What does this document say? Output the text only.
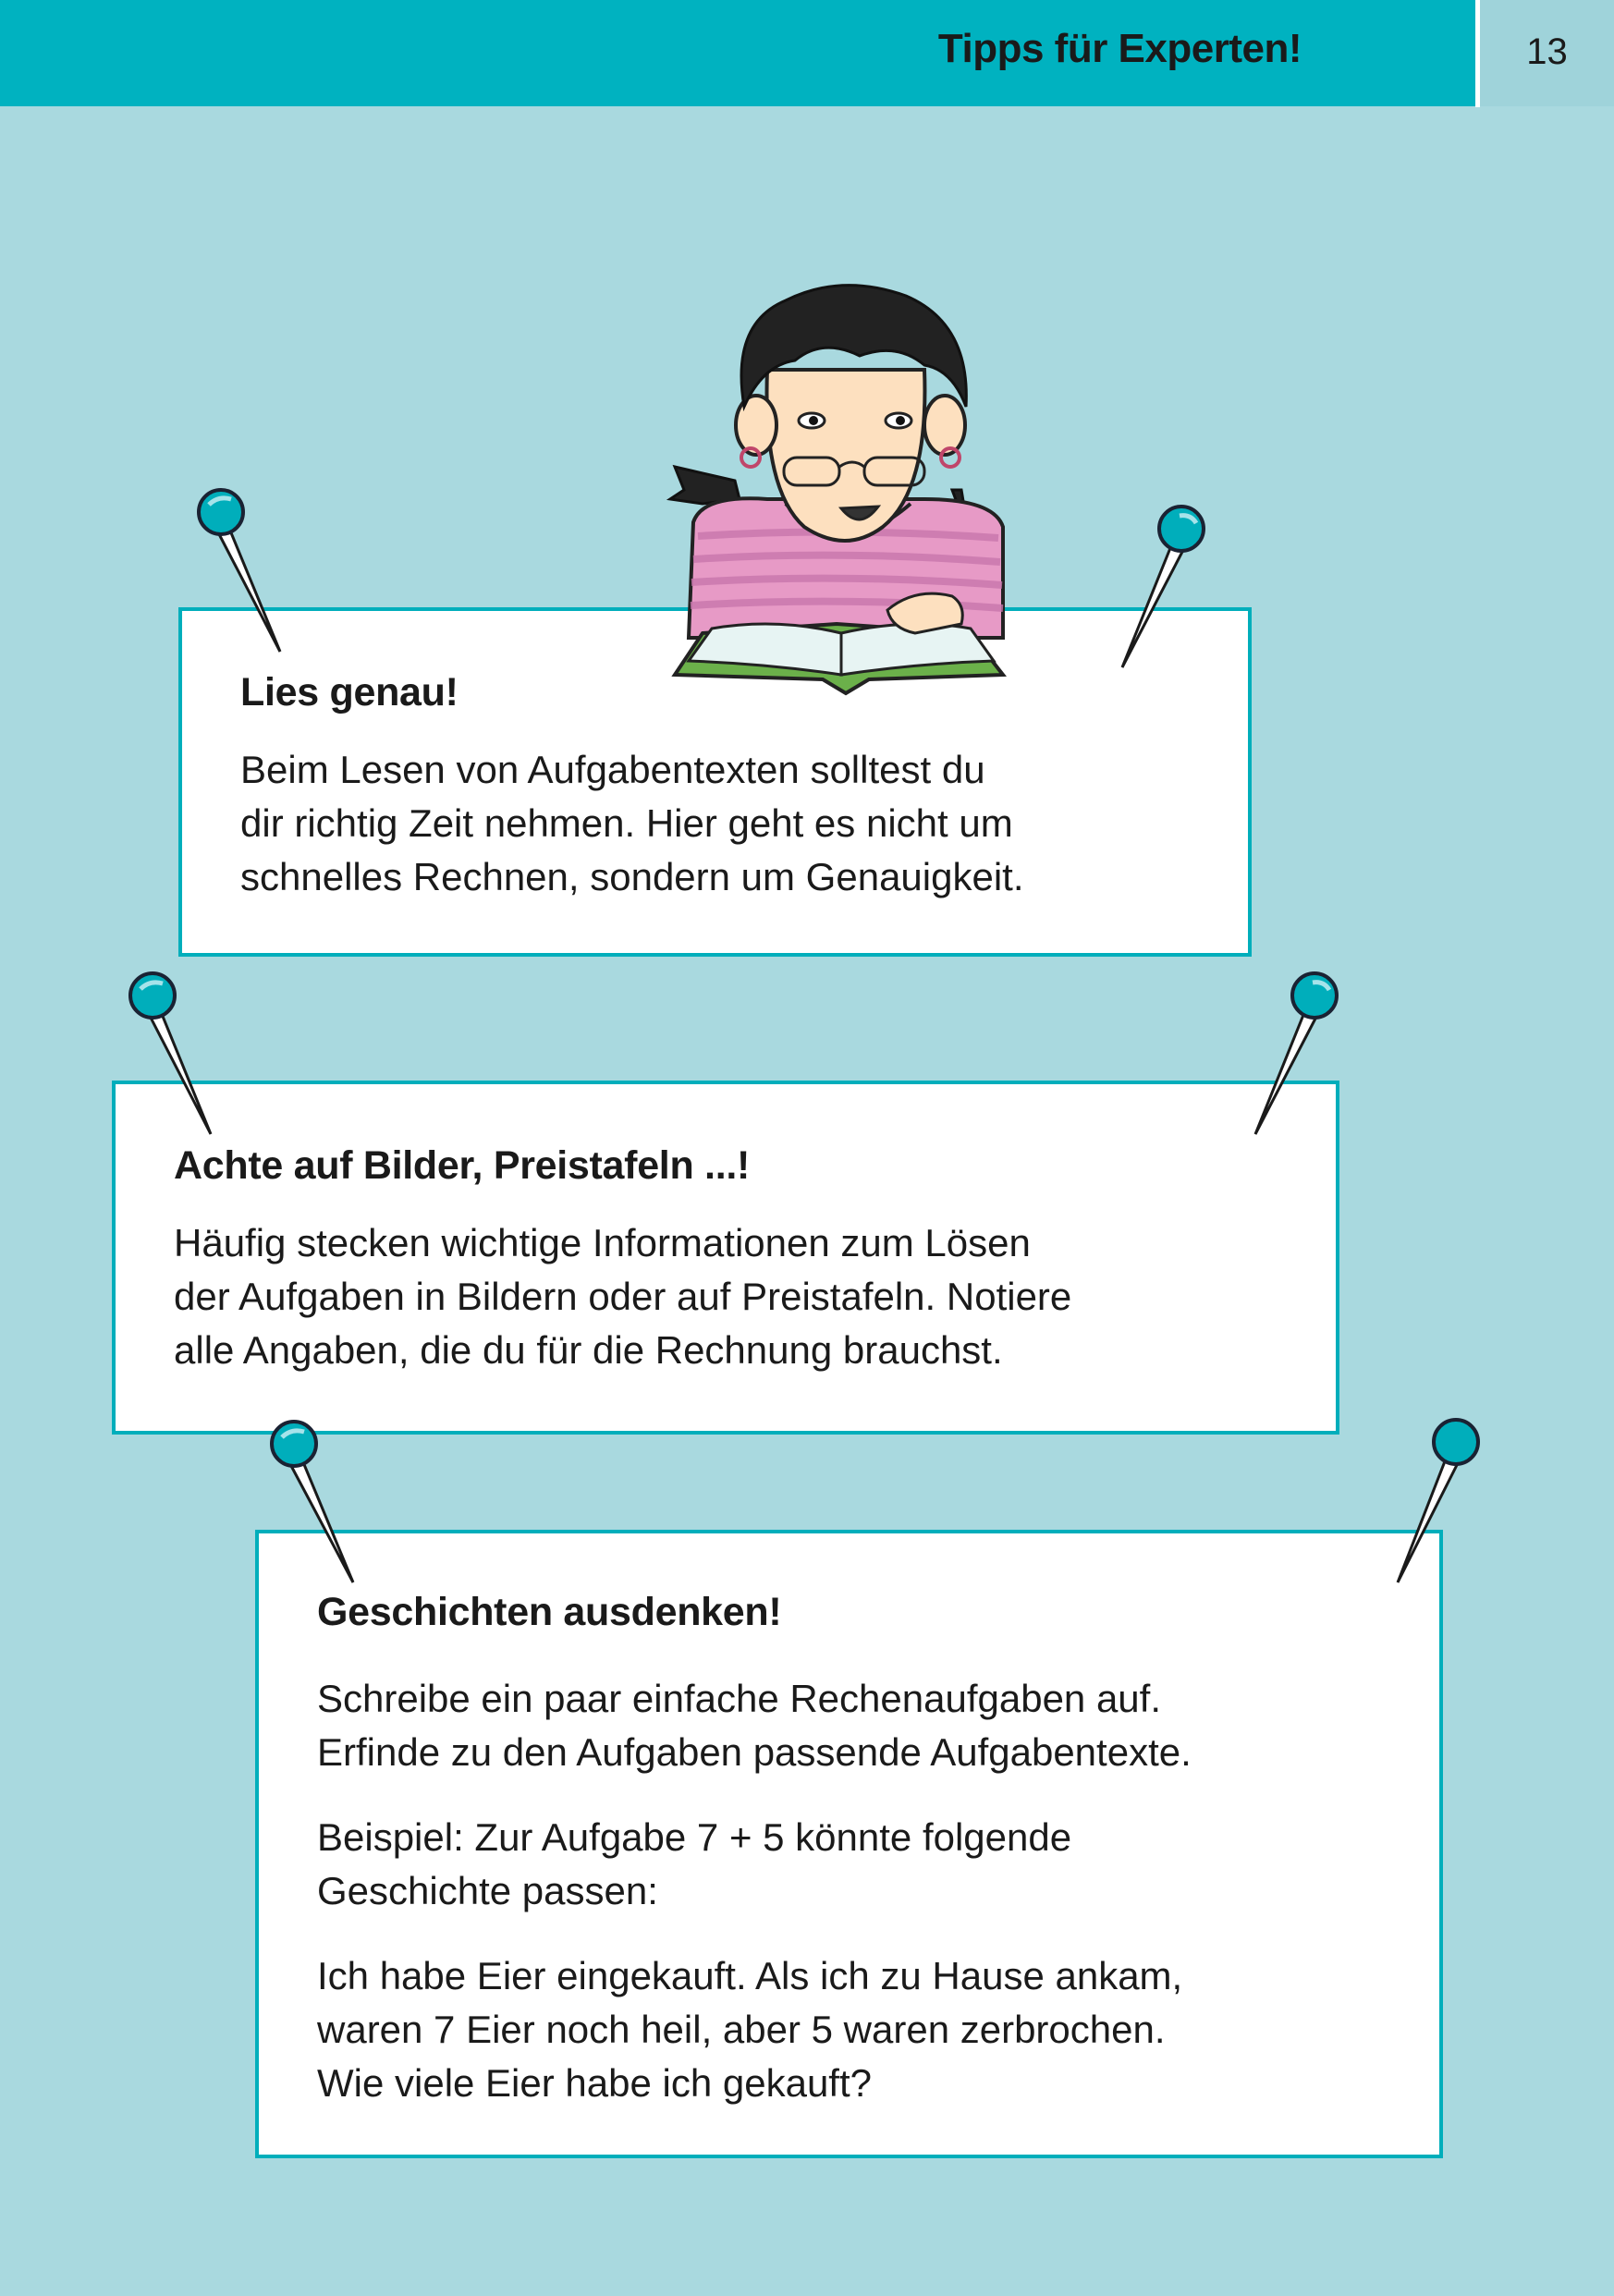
Tipps für Experten!	13
Lies genau!

Beim Lesen von Aufgabentexten solltest du
dir richtig Zeit nehmen. Hier geht es nicht um
schnelles Rechnen, sondern um Genauigkeit.

Achte auf Bilder, Preistafeln ...!

Häufig stecken wichtige Informationen zum Lösen
der Aufgaben in Bildern oder auf Preistafeln. Notiere
alle Angaben, die du für die Rechnung brauchst.

Geschichten ausdenken!

Schreibe ein paar einfache Rechenaufgaben auf.
Erfinde zu den Aufgaben passende Aufgabentexte.

Beispiel: Zur Aufgabe 7 + 5 könnte folgende
Geschichte passen:

Ich habe Eier eingekauft. Als ich zu Hause ankam,
waren 7 Eier noch heil, aber 5 waren zerbrochen.
Wie viele Eier habe ich gekauft?
